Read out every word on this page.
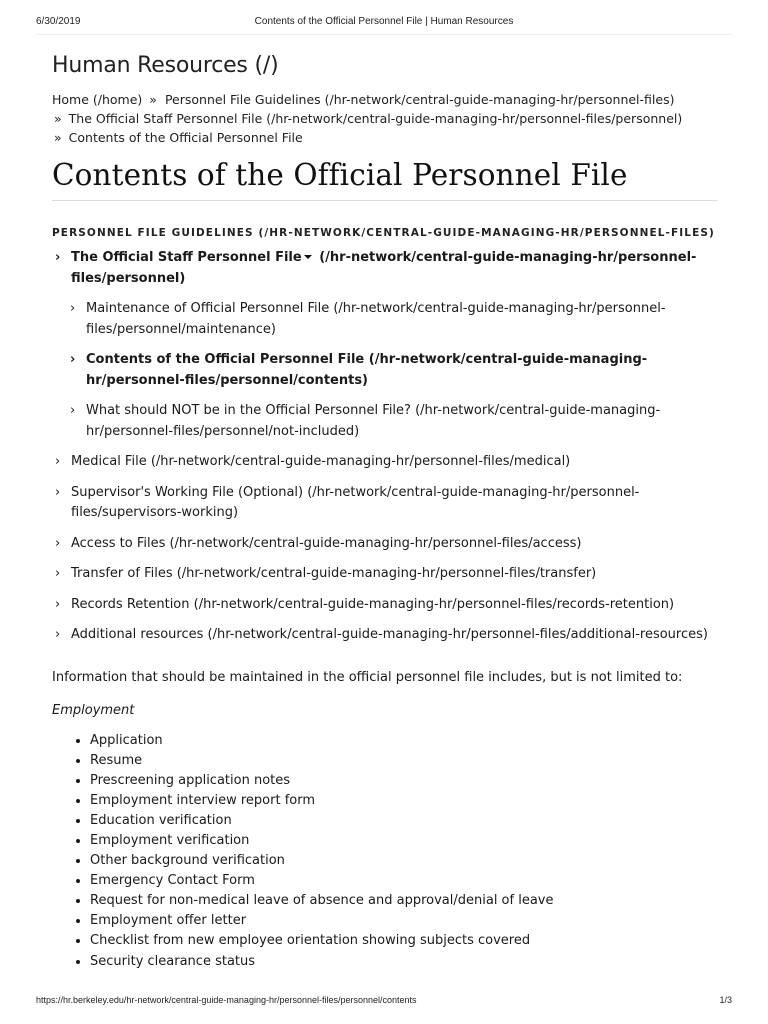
6/30/2019	Contents of the Official Personnel File | Human Resources
Human Resources (/)
Home (/home) » Personnel File Guidelines (/hr-network/central-guide-managing-hr/personnel-files)
» The Official Staff Personnel File (/hr-network/central-guide-managing-hr/personnel-files/personnel)
» Contents of the Official Personnel File
Contents of the Official Personnel File
PERSONNEL FILE GUIDELINES (/HR-NETWORK/CENTRAL-GUIDE-MANAGING-HR/PERSONNEL-FILES)
› The Official Staff Personnel File (/hr-network/central-guide-managing-hr/personnel-files/personnel)
› Maintenance of Official Personnel File (/hr-network/central-guide-managing-hr/personnel-files/personnel/maintenance)
› Contents of the Official Personnel File (/hr-network/central-guide-managing-hr/personnel-files/personnel/contents)
› What should NOT be in the Official Personnel File? (/hr-network/central-guide-managing-hr/personnel-files/personnel/not-included)
› Medical File (/hr-network/central-guide-managing-hr/personnel-files/medical)
› Supervisor's Working File (Optional) (/hr-network/central-guide-managing-hr/personnel-files/supervisors-working)
› Access to Files (/hr-network/central-guide-managing-hr/personnel-files/access)
› Transfer of Files (/hr-network/central-guide-managing-hr/personnel-files/transfer)
› Records Retention (/hr-network/central-guide-managing-hr/personnel-files/records-retention)
› Additional resources (/hr-network/central-guide-managing-hr/personnel-files/additional-resources)

Information that should be maintained in the official personnel file includes, but is not limited to:

Employment
• Application
• Resume
• Prescreening application notes
• Employment interview report form
• Education verification
• Employment verification
• Other background verification
• Emergency Contact Form
• Request for non-medical leave of absence and approval/denial of leave
• Employment offer letter
• Checklist from new employee orientation showing subjects covered
• Security clearance status
https://hr.berkeley.edu/hr-network/central-guide-managing-hr/personnel-files/personnel/contents	1/3
